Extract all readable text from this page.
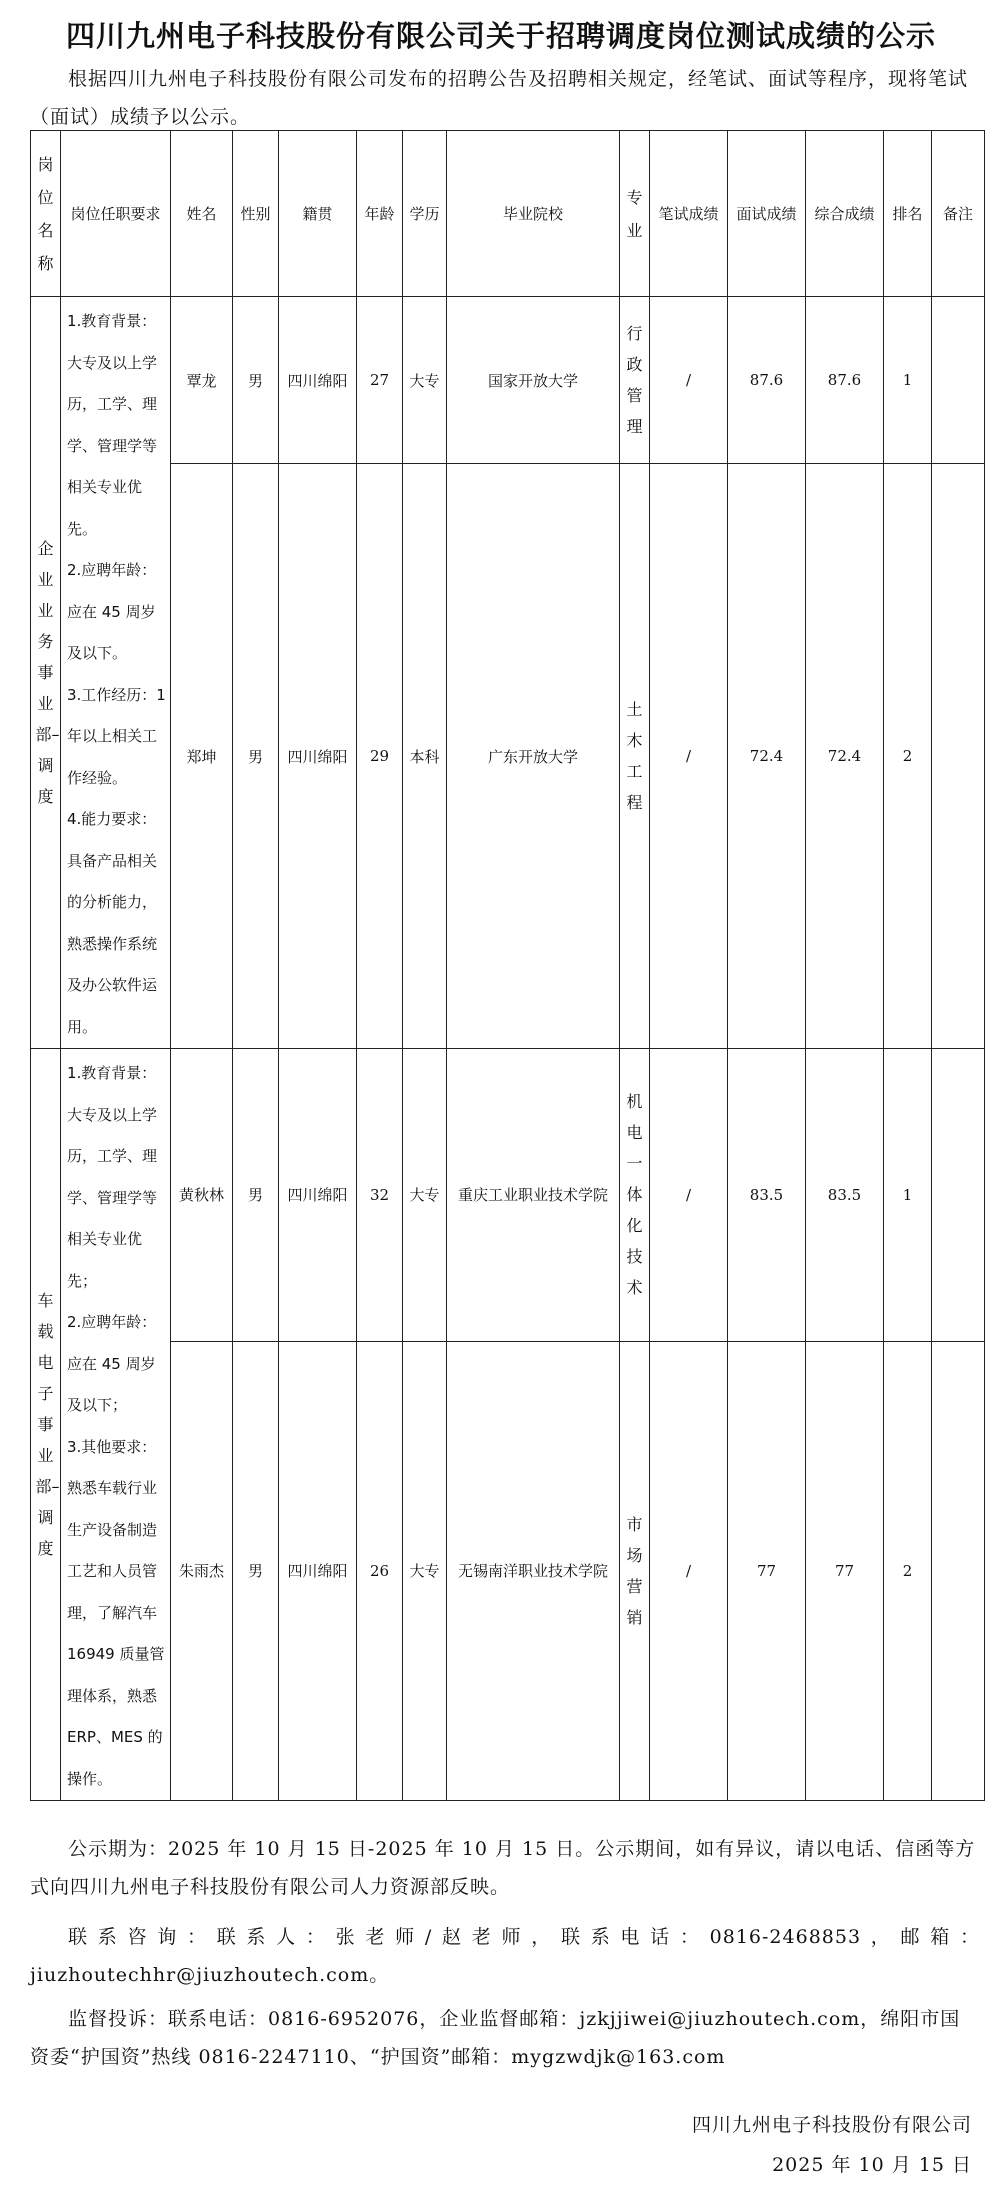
四川九州电子科技股份有限公司关于招聘调度岗位测试成绩的公示
根据四川九州电子科技股份有限公司发布的招聘公告及招聘相关规定，经笔试、面试等程序，现将笔试（面试）成绩予以公示。
岗位名称	岗位任职要求	姓名	性别	籍贯	年龄	学历	毕业院校	专业	笔试成绩	面试成绩	综合成绩	排名	备注

企业业务事业部–调度	1.教育背景：大专及以上学历，工学、理学、管理学等相关专业优先。
2.应聘年龄：应在 45 周岁及以下。
3.工作经历：1 年以上相关工作经验。
4.能力要求：具备产品相关的分析能力，熟悉操作系统及办公软件运用。	覃龙	男	四川绵阳	27	大专	国家开放大学	行政管理	/	87.6	87.6	1	
		郑坤	男	四川绵阳	29	本科	广东开放大学	土木工程	/	72.4	72.4	2	

车载电子事业部–调度	1.教育背景：大专及以上学历，工学、理学、管理学等相关专业优先；
2.应聘年龄：应在 45 周岁及以下；
3.其他要求：熟悉车载行业生产设备制造工艺和人员管理，了解汽车 16949 质量管理体系，熟悉 ERP、MES 的操作。	黄秋林	男	四川绵阳	32	大专	重庆工业职业技术学院	机电一体化技术	/	83.5	83.5	1	
		朱雨杰	男	四川绵阳	26	大专	无锡南洋职业技术学院	市场营销	/	77	77	2	
公示期为：2025 年 10 月 15 日-2025 年 10 月 15 日。公示期间，如有异议，请以电话、信函等方式向四川九州电子科技股份有限公司人力资源部反映。
联系咨询：联系人：张老师/赵老师，联系电话：0816-2468853，邮箱：jiuzhoutechhr@jiuzhoutech.com。
监督投诉：联系电话：0816-6952076，企业监督邮箱：jzkjjiwei@jiuzhoutech.com，绵阳市国资委“护国资”热线 0816-2247110、“护国资”邮箱：mygzwdjk@163.com
四川九州电子科技股份有限公司
2025 年 10 月 15 日
